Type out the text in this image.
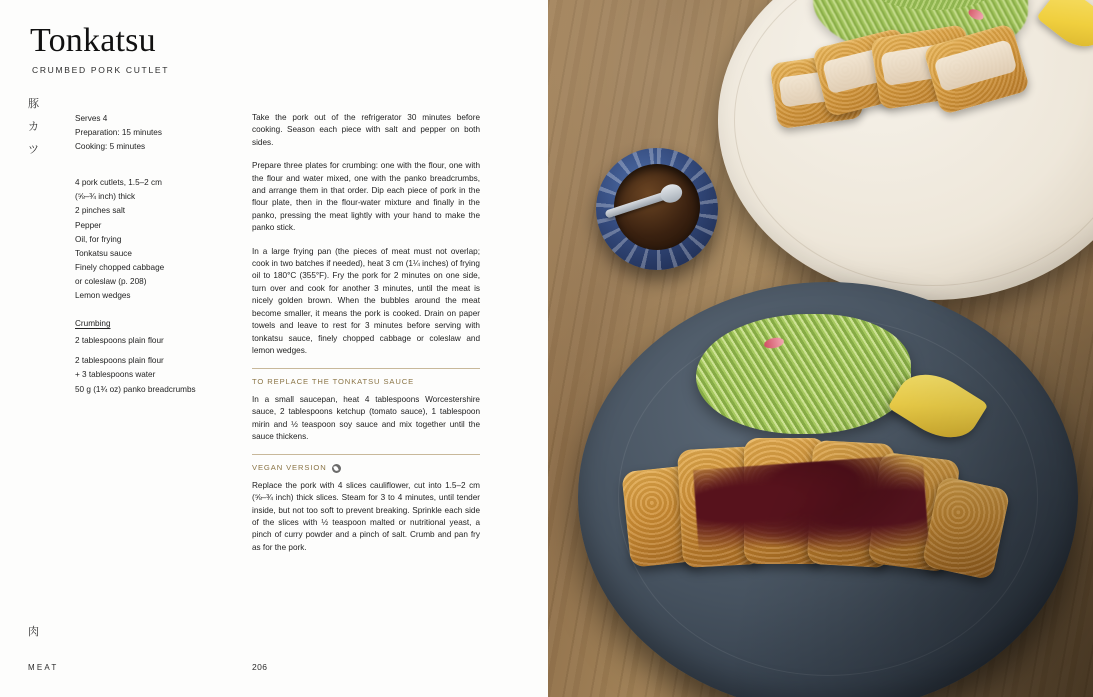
Tonkatsu
CRUMBED PORK CUTLET
豚
カ
ツ
肉
MEAT	206
Serves 4
Preparation: 15 minutes
Cooking: 5 minutes
4 pork cutlets, 1.5–2 cm
(⅝–¾ inch) thick
2 pinches salt
Pepper
Oil, for frying
Tonkatsu sauce
Finely chopped cabbage
or coleslaw (p. 208)
Lemon wedges
Crumbing
2 tablespoons plain flour
2 tablespoons plain flour
+ 3 tablespoons water
50 g (1¾ oz) panko breadcrumbs

Take the pork out of the refrigerator 30 minutes before cooking. Season each piece with salt and pepper on both sides.

Prepare three plates for crumbing: one with the flour, one with the flour and water mixed, one with the panko breadcrumbs, and arrange them in that order. Dip each piece of pork in the flour plate, then in the flour-water mixture and finally in the panko, pressing the meat lightly with your hand to make the panko stick.

In a large frying pan (the pieces of meat must not overlap; cook in two batches if needed), heat 3 cm (1¼ inches) of frying oil to 180°C (355°F). Fry the pork for 2 minutes on one side, turn over and cook for another 3 minutes, until the meat is nicely golden brown. When the bubbles around the meat become smaller, it means the pork is cooked. Drain on paper towels and leave to rest for 3 minutes before serving with tonkatsu sauce, finely chopped cabbage or coleslaw and lemon wedges.

TO REPLACE THE TONKATSU SAUCE

In a small saucepan, heat 4 tablespoons Worcestershire sauce, 2 tablespoons ketchup (tomato sauce), 1 tablespoon mirin and ½ teaspoon soy sauce and mix together until the sauce thickens.

VEGAN VERSION

Replace the pork with 4 slices cauliflower, cut into 1.5–2 cm (⅝–¾ inch) thick slices. Steam for 3 to 4 minutes, until tender inside, but not too soft to prevent breaking. Sprinkle each side of the slices with ½ teaspoon malted or nutritional yeast, a pinch of curry powder and a pinch of salt. Crumb and pan fry as for the pork.
